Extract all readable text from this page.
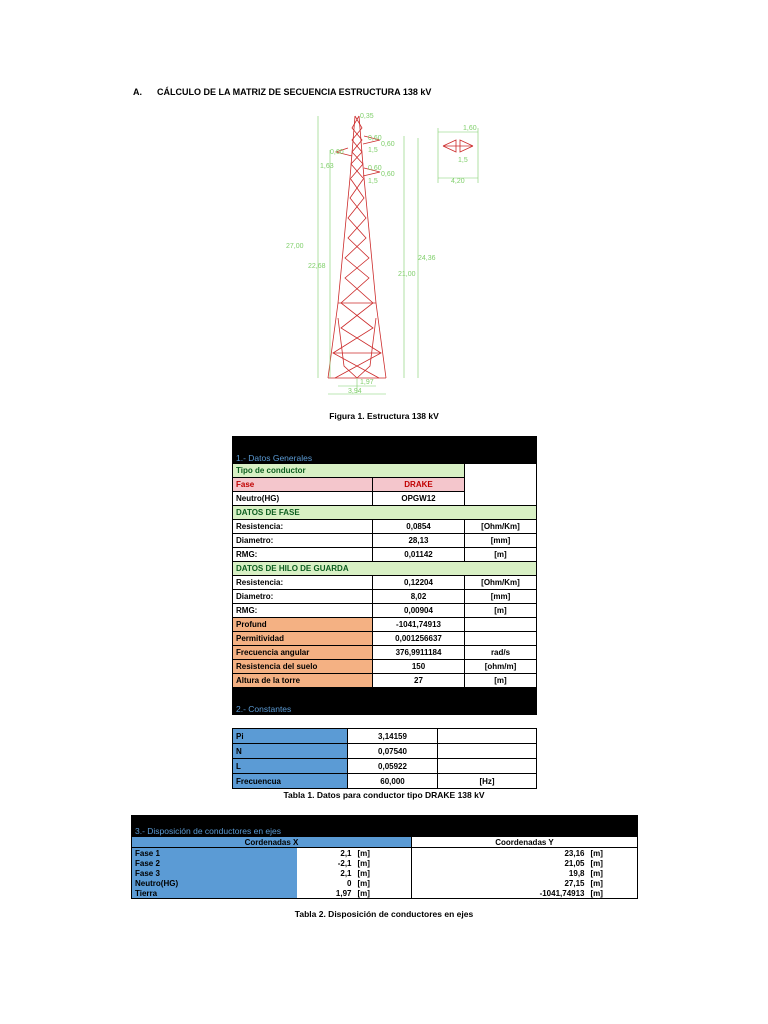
A. CÁLCULO DE LA MATRIZ DE SECUENCIA ESTRUCTURA 138 kV
0,35
0,60
0,60
0,60
0,60
0,60
1,5
1,5
1,63
27,00
22,68
24,36
21,00
1,97
3,94
1,60
1,5
4,20
Figura 1. Estructura 138 kV

1.- Datos Generales		
Tipo de conductor		
Fase	DRAKE	
Neutro(HG)	OPGW12	
DATOS DE FASE		
Resistencia:	0,0854	[Ohm/Km]
Diametro:	28,13	[mm]
RMG:	0,01142	[m]
DATOS DE HILO DE GUARDA		
Resistencia:	0,12204	[Ohm/Km]
Diametro:	8,02	[mm]
RMG:	0,00904	[m]
Profund	-1041,74913	
Permitividad	0,001256637	
Frecuencia angular	376,9911184	rad/s
Resistencia del suelo	150	[ohm/m]
Altura de la torre	27	[m]
2.- Constantes		
Pi	3,14159	
N	0,07540	
L	0,05922	
Frecuencua	60,000	[Hz]
Tabla 1. Datos para conductor tipo DRAKE 138 kV
3.- Disposición de conductores en ejes				
Cordenadas X			Coordenadas Y	
Fase 1	2,1	[m]	23,16	[m]
Fase 2	-2,1	[m]	21,05	[m]
Fase 3	2,1	[m]	19,8	[m]
Neutro(HG)	0	[m]	27,15	[m]
Tierra	1,97	[m]	-1041,74913	[m]
Tabla 2. Disposición de conductores en ejes
